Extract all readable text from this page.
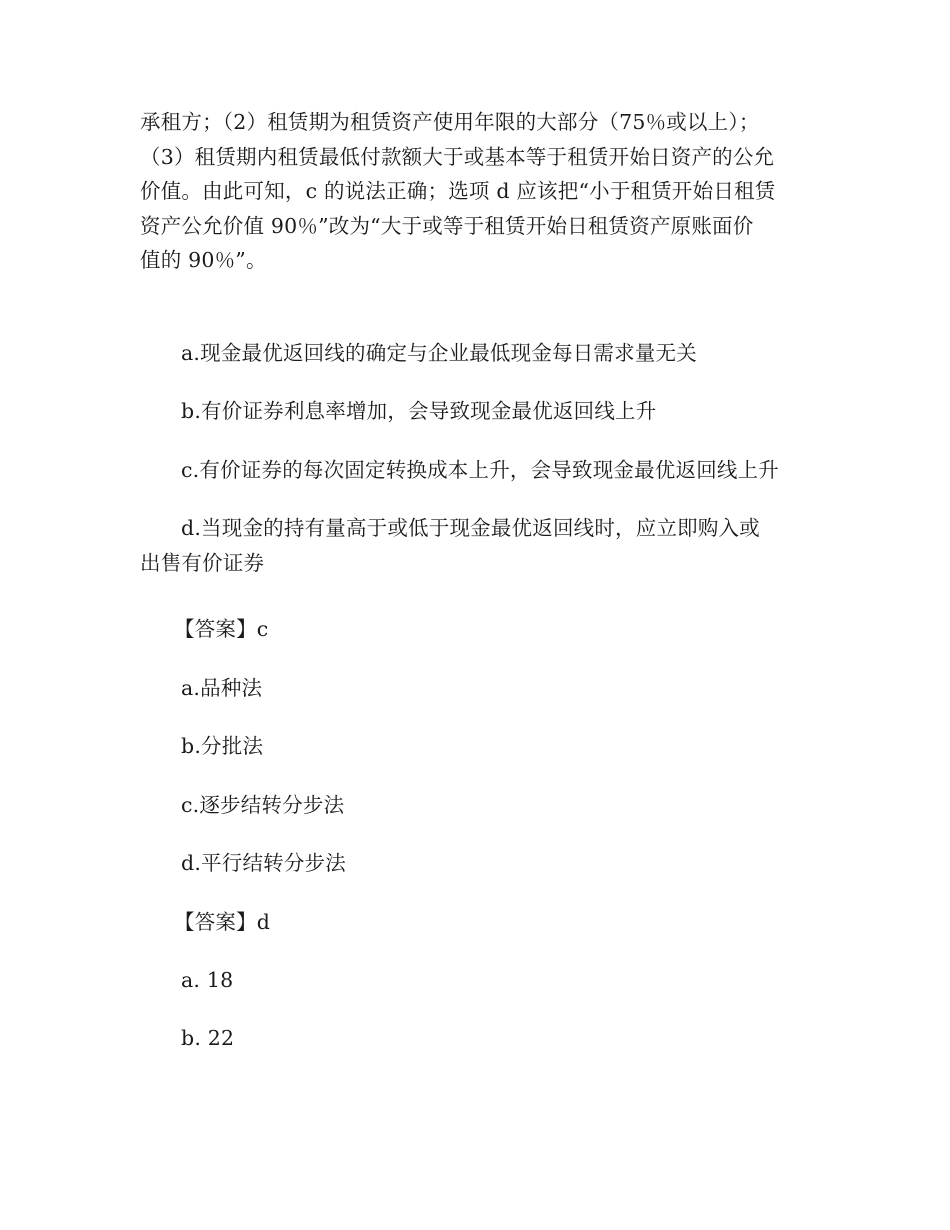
承租方；（2）租赁期为租赁资产使用年限的大部分（75％或以上）；
（3）租赁期内租赁最低付款额大于或基本等于租赁开始日资产的公允
价值。由此可知，c 的说法正确；选项 d 应该把“小于租赁开始日租赁
资产公允价值 90％”改为“大于或等于租赁开始日租赁资产原账面价
值的 90％”。

a.现金最优返回线的确定与企业最低现金每日需求量无关

b.有价证券利息率增加，会导致现金最优返回线上升

c.有价证券的每次固定转换成本上升，会导致现金最优返回线上升

d.当现金的持有量高于或低于现金最优返回线时，应立即购入或
出售有价证券

【答案】c

a.品种法

b.分批法

c.逐步结转分步法

d.平行结转分步法

【答案】d

a. 18

b. 22
